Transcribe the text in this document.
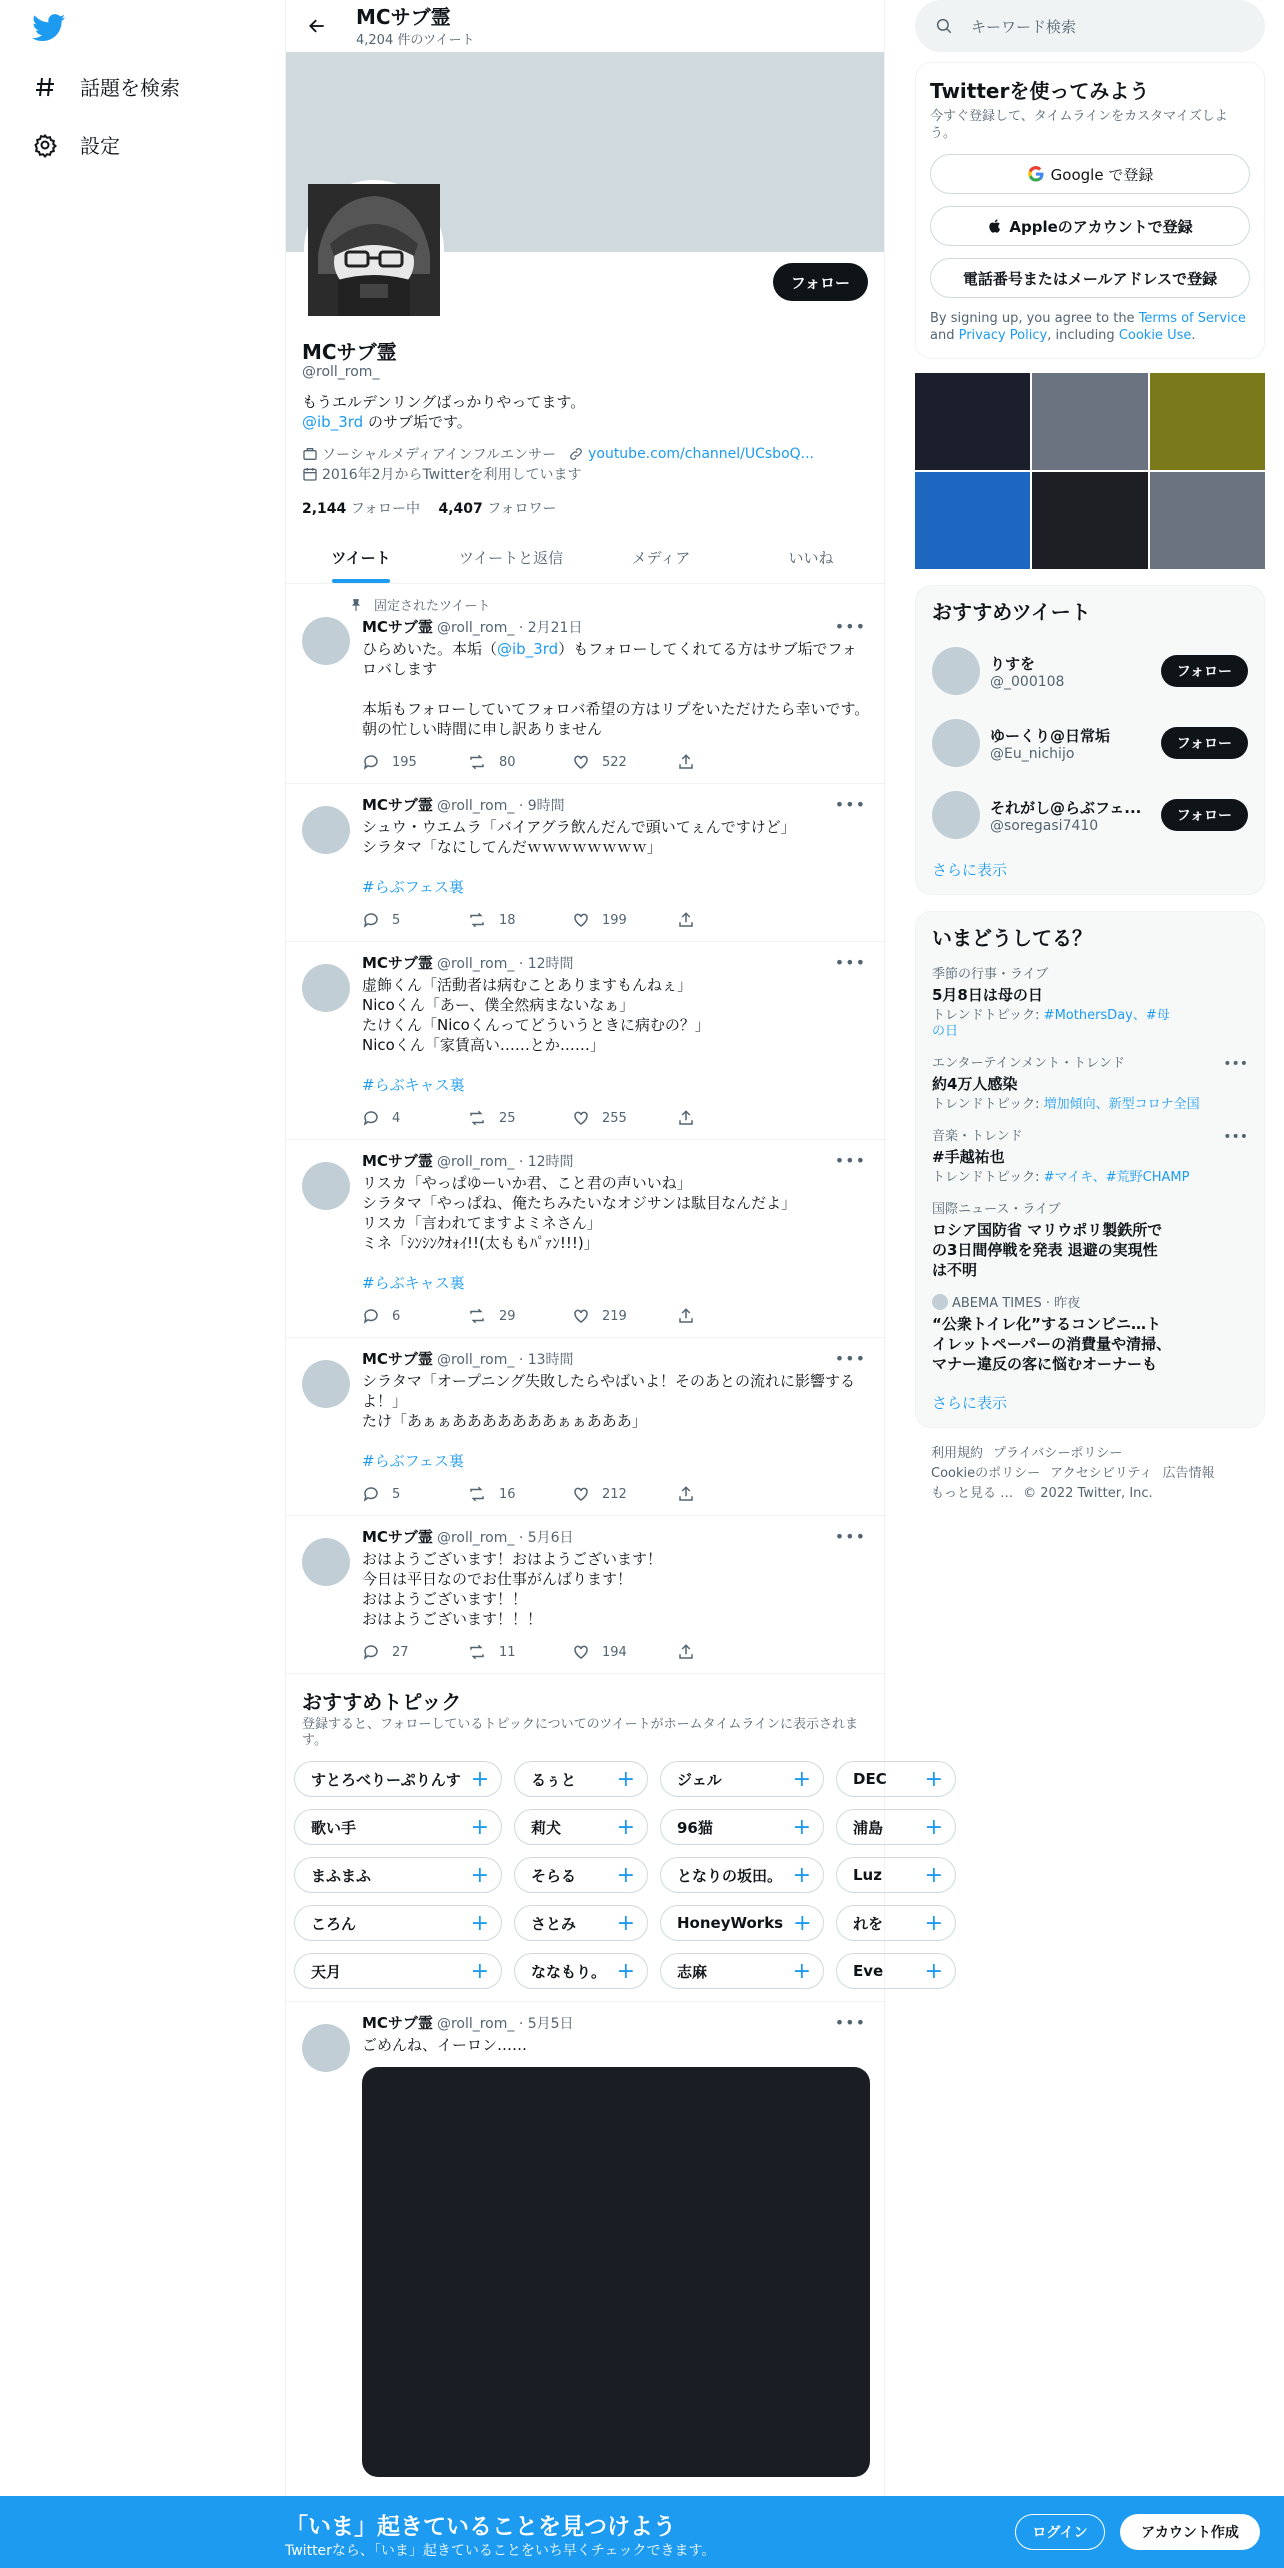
話題を検索
設定
MCサブ霊
4,204 件のツイート
フォロー
MCサブ霊
@roll_rom_
もうエルデンリングばっかりやってます。
@ib_3rd のサブ垢です。
ソーシャルメディアインフルエンサー youtube.com/channel/UCsboQ...
2016年2月からTwitterを利用しています
2,144 フォロー中 4,407 フォロワー
ツイート	ツイートと返信	メディア	いいね
固定されたツイート
MCサブ霊 @roll_rom_ · 2月21日	•••
ひらめいた。本垢（@ib_3rd）もフォローしてくれてる方はサブ垢でフォロバします

本垢もフォローしていてフォロバ希望の方はリプをいただけたら幸いです。朝の忙しい時間に申し訳ありません
195	80	522
MCサブ霊 @roll_rom_ · 9時間	•••
シュウ・ウエムラ「バイアグラ飲んだんで頭いてぇんですけど」
シラタマ「なにしてんだｗｗｗｗｗｗｗｗ」

#らぶフェス裏
5	18	199
MCサブ霊 @roll_rom_ · 12時間	•••
虚飾くん「活動者は病むことありますもんねぇ」
Nicoくん「あー、僕全然病まないなぁ」
たけくん「Nicoくんってどういうときに病むの？」
Nicoくん「家賃高い……とか……」

#らぶキャス裏
4	25	255
MCサブ霊 @roll_rom_ · 12時間	•••
リスカ「やっぱゆーいか君、こと君の声いいね」
シラタマ「やっぱね、俺たちみたいなオジサンは駄目なんだよ」
リスカ「言われてますよミネさん」
ミネ「ｼﾝｼﾝｸｵｫｲ!!(太ももﾊﾟｧﾝ!!!)」

#らぶキャス裏
6	29	219
MCサブ霊 @roll_rom_ · 13時間	•••
シラタマ「オープニング失敗したらやばいよ！そのあとの流れに影響するよ！」
たけ「あぁぁあああああああぁぁあああ」

#らぶフェス裏
5	16	212
MCサブ霊 @roll_rom_ · 5月6日	•••
おはようございます！おはようございます！
今日は平日なのでお仕事がんばります！
おはようございます！！
おはようございます！！！
27	11	194
おすすめトピック
登録すると、フォローしているトピックについてのツイートがホームタイムラインに表示されます。
すとろべりーぷりんす +	るぅと +	ジェル	+	DEC +
歌い手	+	莉犬	+	96猫	+	浦島 +
まふまふ	+	そらる +	となりの坂田。 +	Luz +
ころん	+	さとみ +	HoneyWorks +	れを +
天月	+	ななもり。 +	志麻	+	Eve +
MCサブ霊 @roll_rom_ · 5月5日	•••
ごめんね、イーロン……
キーワード検索
Twitterを使ってみよう
今すぐ登録して、タイムラインをカスタマイズしよう。
Google で登録
Appleのアカウントで登録
電話番号またはメールアドレスで登録
By signing up, you agree to the Terms of Service and Privacy Policy, including Cookie Use.
おすすめツイート
りすを
@_000108
フォロー
ゆーくり@日常垢
@Eu_nichijo
フォロー
それがし@らぶフェ...
@soregasi7410
フォロー
さらに表示
いまどうしてる？
季節の行事・ライブ
5月8日は母の日
トレンドトピック: #MothersDay、#母の日
エンターテインメント・トレンド
約4万人感染
トレンドトピック: 増加傾向、新型コロナ全国
•••
音楽・トレンド
#手越祐也
トレンドトピック: #マイキ、#荒野CHAMP
•••
国際ニュース・ライブ
ロシア国防省 マリウポリ製鉄所での3日間停戦を発表 退避の実現性は不明
ABEMA TIMES · 昨夜
“公衆トイレ化”するコンビニ…トイレットペーパーの消費量や清掃、マナー違反の客に悩むオーナーも
さらに表示
利用規約 プライバシーポリシー
Cookieのポリシー アクセシビリティ 広告情報
もっと見る … © 2022 Twitter, Inc.
「いま」起きていることを見つけよう
Twitterなら、「いま」起きていることをいち早くチェックできます。
ログイン	アカウント作成
